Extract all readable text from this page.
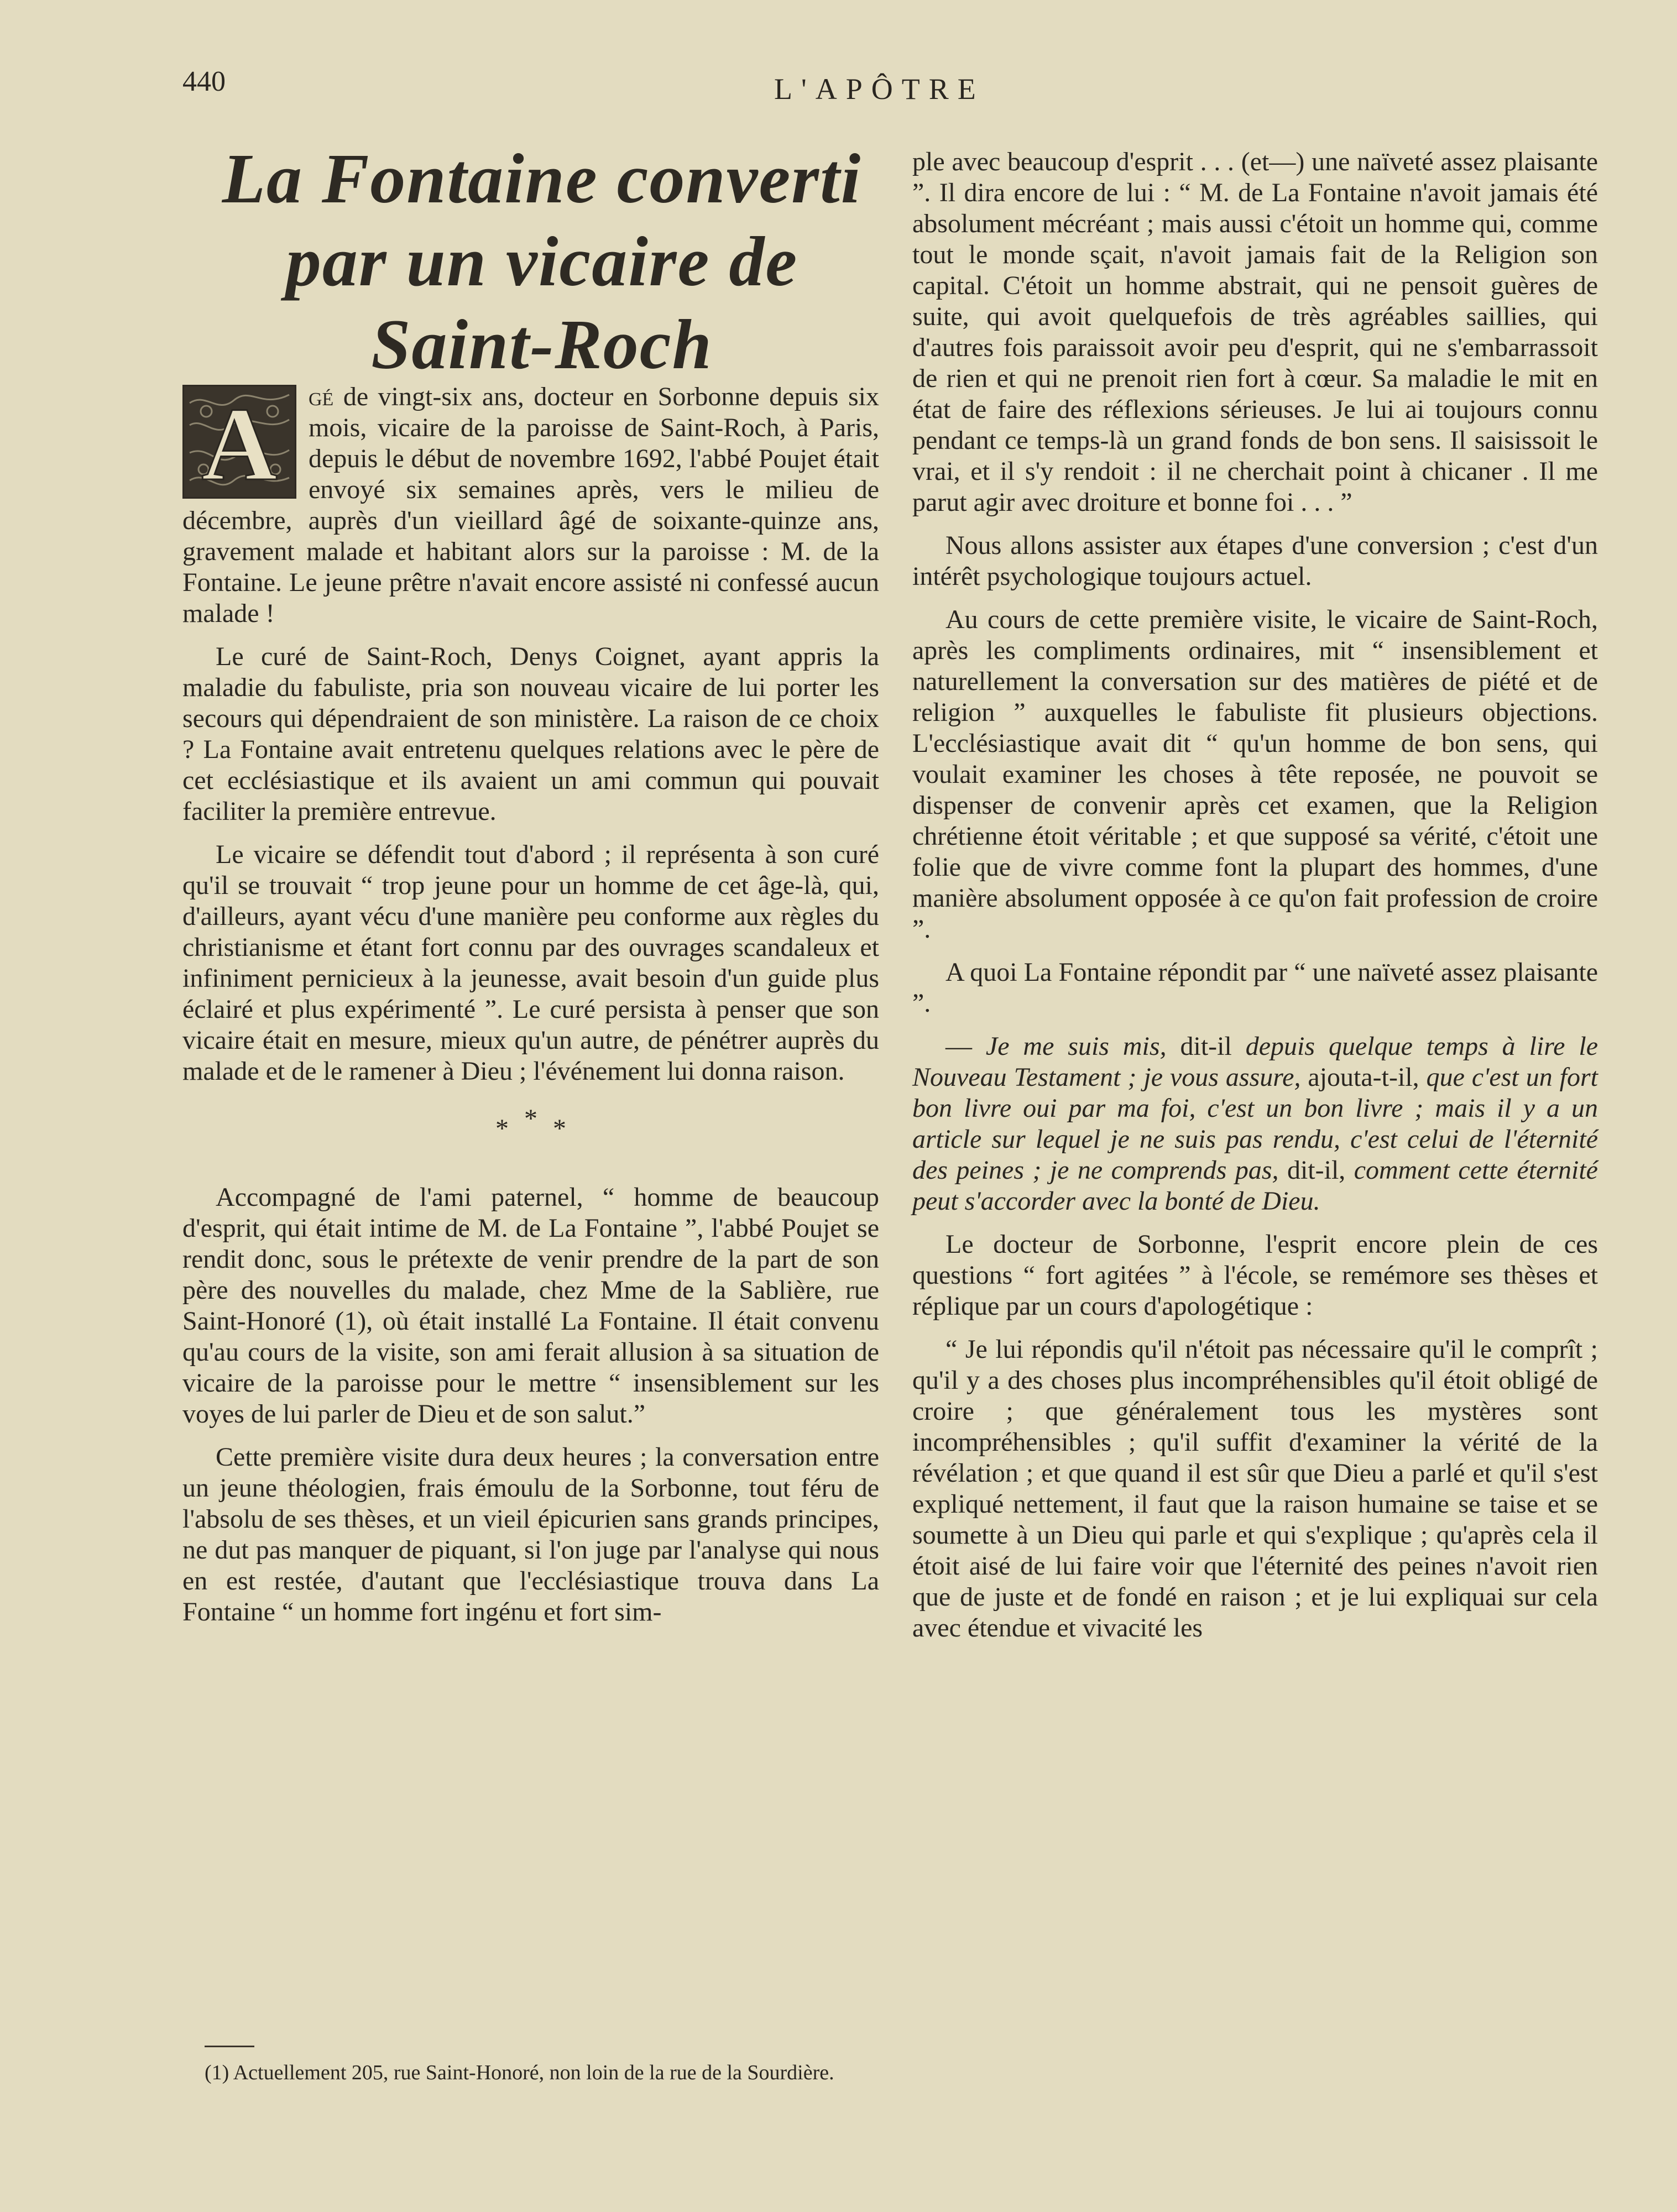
440	L'APÔTRE
La Fontaine converti
par un vicaire de
Saint-Roch

A gé de vingt-six ans, docteur en Sorbonne depuis six mois, vicaire de la paroisse de Saint-Roch, à Paris, depuis le début de novembre 1692, l'abbé Poujet était envoyé six semaines après, vers le milieu de décembre, auprès d'un vieillard âgé de soixante-quinze ans, gravement malade et habitant alors sur la paroisse : M. de la Fontaine. Le jeune prêtre n'avait encore assisté ni confessé aucun malade !

Le curé de Saint-Roch, Denys Coignet, ayant appris la maladie du fabuliste, pria son nouveau vicaire de lui porter les secours qui dépendraient de son ministère. La raison de ce choix ? La Fontaine avait entretenu quelques relations avec le père de cet ecclésiastique et ils avaient un ami commun qui pouvait faciliter la première entrevue.

Le vicaire se défendit tout d'abord ; il représenta à son curé qu'il se trouvait “ trop jeune pour un homme de cet âge-là, qui, d'ailleurs, ayant vécu d'une manière peu conforme aux règles du christianisme et étant fort connu par des ouvrages scandaleux et infiniment pernicieux à la jeunesse, avait besoin d'un guide plus éclairé et plus expérimenté ”. Le curé persista à penser que son vicaire était en mesure, mieux qu'un autre, de pénétrer auprès du malade et de le ramener à Dieu ; l'événement lui donna raison.

* * *

Accompagné de l'ami paternel, “ homme de beaucoup d'esprit, qui était intime de M. de La Fontaine ”, l'abbé Poujet se rendit donc, sous le prétexte de venir prendre de la part de son père des nouvelles du malade, chez Mme de la Sablière, rue Saint-Honoré (1), où était installé La Fontaine. Il était convenu qu'au cours de la visite, son ami ferait allusion à sa situation de vicaire de la paroisse pour le mettre “ insensiblement sur les voyes de lui parler de Dieu et de son salut.”

Cette première visite dura deux heures ; la conversation entre un jeune théologien, frais émoulu de la Sorbonne, tout féru de l'absolu de ses thèses, et un vieil épicurien sans grands principes, ne dut pas manquer de piquant, si l'on juge par l'analyse qui nous en est restée, d'autant que l'ecclésiastique trouva dans La Fontaine “ un homme fort ingénu et fort sim-

ple avec beaucoup d'esprit . . . (et—) une naïveté assez plaisante ”. Il dira encore de lui : “ M. de La Fontaine n'avoit jamais été absolument mécréant ; mais aussi c'étoit un homme qui, comme tout le monde sçait, n'avoit jamais fait de la Religion son capital. C'étoit un homme abstrait, qui ne pensoit guères de suite, qui avoit quelquefois de très agréables saillies, qui d'autres fois paraissoit avoir peu d'esprit, qui ne s'embarrassoit de rien et qui ne prenoit rien fort à cœur. Sa maladie le mit en état de faire des réflexions sérieuses. Je lui ai toujours connu pendant ce temps-là un grand fonds de bon sens. Il saisissoit le vrai, et il s'y rendoit : il ne cherchait point à chicaner . Il me parut agir avec droiture et bonne foi . . . ”

Nous allons assister aux étapes d'une conversion ; c'est d'un intérêt psychologique toujours actuel.

Au cours de cette première visite, le vicaire de Saint-Roch, après les compliments ordinaires, mit “ insensiblement et naturellement la conversation sur des matières de piété et de religion ” auxquelles le fabuliste fit plusieurs objections. L'ecclésiastique avait dit “ qu'un homme de bon sens, qui voulait examiner les choses à tête reposée, ne pouvoit se dispenser de convenir après cet examen, que la Religion chrétienne étoit véritable ; et que supposé sa vérité, c'étoit une folie que de vivre comme font la plupart des hommes, d'une manière absolument opposée à ce qu'on fait profession de croire ”.

A quoi La Fontaine répondit par “ une naïveté assez plaisante ”.

— Je me suis mis, dit-il depuis quelque temps à lire le Nouveau Testament ; je vous assure, ajouta-t-il, que c'est un fort bon livre oui par ma foi, c'est un bon livre ; mais il y a un article sur lequel je ne suis pas rendu, c'est celui de l'éternité des peines ; je ne comprends pas, dit-il, comment cette éternité peut s'accorder avec la bonté de Dieu.

Le docteur de Sorbonne, l'esprit encore plein de ces questions “ fort agitées ” à l'école, se remémore ses thèses et réplique par un cours d'apologétique :

“ Je lui répondis qu'il n'étoit pas nécessaire qu'il le comprît ; qu'il y a des choses plus incompréhensibles qu'il étoit obligé de croire ; que généralement tous les mystères sont incompréhensibles ; qu'il suffit d'examiner la vérité de la révélation ; et que quand il est sûr que Dieu a parlé et qu'il s'est expliqué nettement, il faut que la raison humaine se taise et se soumette à un Dieu qui parle et qui s'explique ; qu'après cela il étoit aisé de lui faire voir que l'éternité des peines n'avoit rien que de juste et de fondé en raison ; et je lui expliquai sur cela avec étendue et vivacité les

(1) Actuellement 205, rue Saint-Honoré, non loin de la rue de la Sourdière.
